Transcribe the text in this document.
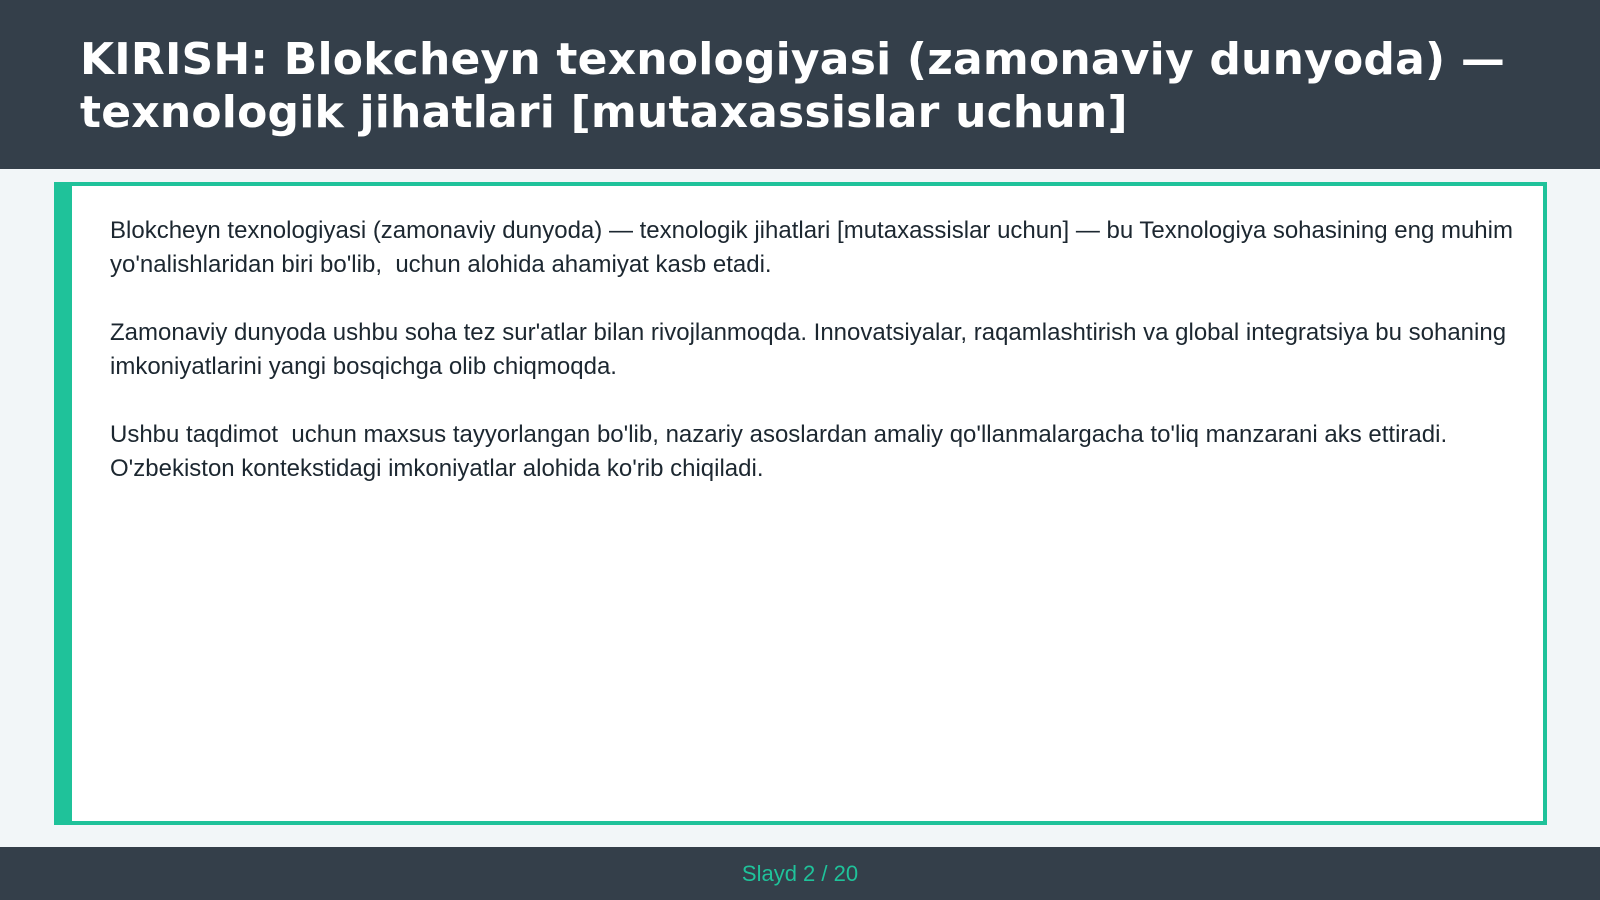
KIRISH: Blokcheyn texnologiyasi (zamonaviy dunyoda) — texnologik jihatlari [mutaxassislar uchun]

Blokcheyn texnologiyasi (zamonaviy dunyoda) — texnologik jihatlari [mutaxassislar uchun] — bu Texnologiya sohasining eng muhim yo'nalishlaridan biri bo'lib,  uchun alohida ahamiyat kasb etadi.

Zamonaviy dunyoda ushbu soha tez sur'atlar bilan rivojlanmoqda. Innovatsiyalar, raqamlashtirish va global integratsiya bu sohaning imkoniyatlarini yangi bosqichga olib chiqmoqda.

Ushbu taqdimot  uchun maxsus tayyorlangan bo'lib, nazariy asoslardan amaliy qo'llanmalargacha to'liq manzarani aks ettiradi. O'zbekiston kontekstidagi imkoniyatlar alohida ko'rib chiqiladi.

Slayd 2 / 20
